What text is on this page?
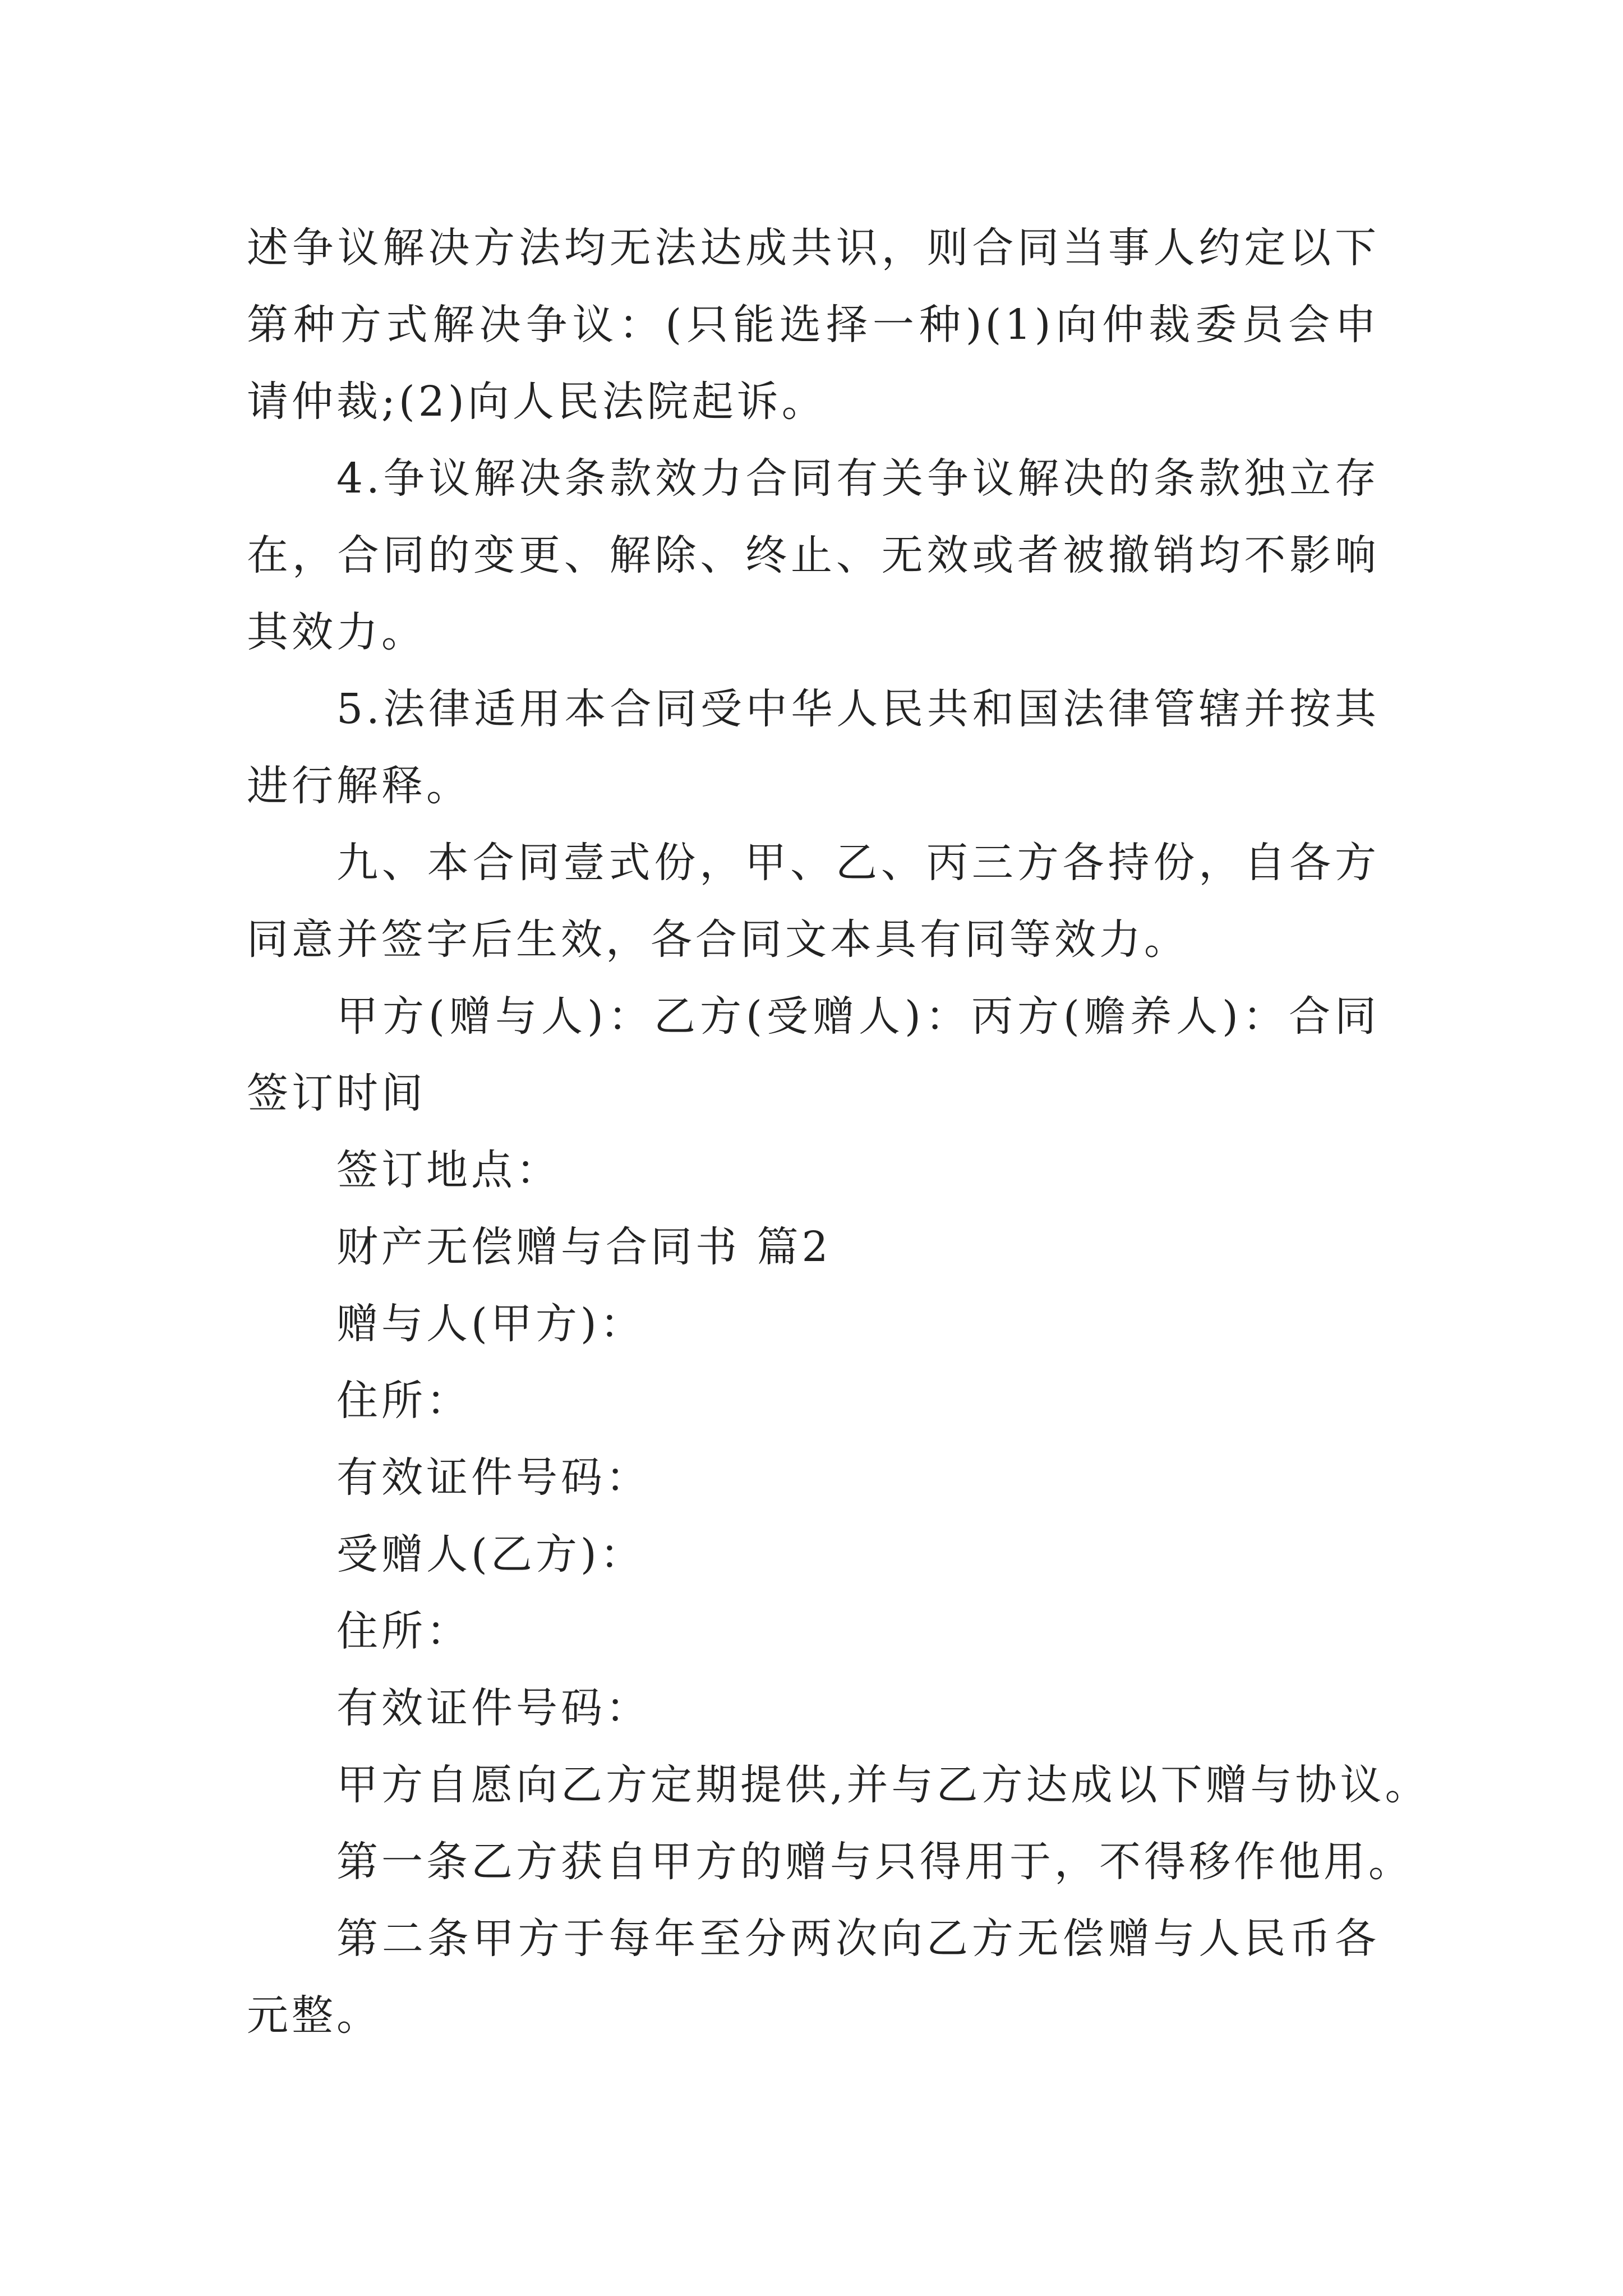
述争议解决方法均无法达成共识，则合同当事人约定以下第种方式解决争议：(只能选择一种)(1)向仲裁委员会申请仲裁;(2)向人民法院起诉。

4.争议解决条款效力合同有关争议解决的条款独立存在，合同的变更、解除、终止、无效或者被撤销均不影响其效力。

5.法律适用本合同受中华人民共和国法律管辖并按其进行解释。

九、本合同壹式份，甲、乙、丙三方各持份，自各方同意并签字后生效，各合同文本具有同等效力。

甲方(赠与人)：乙方(受赠人)：丙方(赡养人)：合同签订时间

签订地点：

财产无偿赠与合同书 篇2

赠与人(甲方)：

住所：

有效证件号码：

受赠人(乙方)：

住所：

有效证件号码：

甲方自愿向乙方定期提供,并与乙方达成以下赠与协议。

第一条乙方获自甲方的赠与只得用于，不得移作他用。

第二条甲方于每年至分两次向乙方无偿赠与人民币各元整。
